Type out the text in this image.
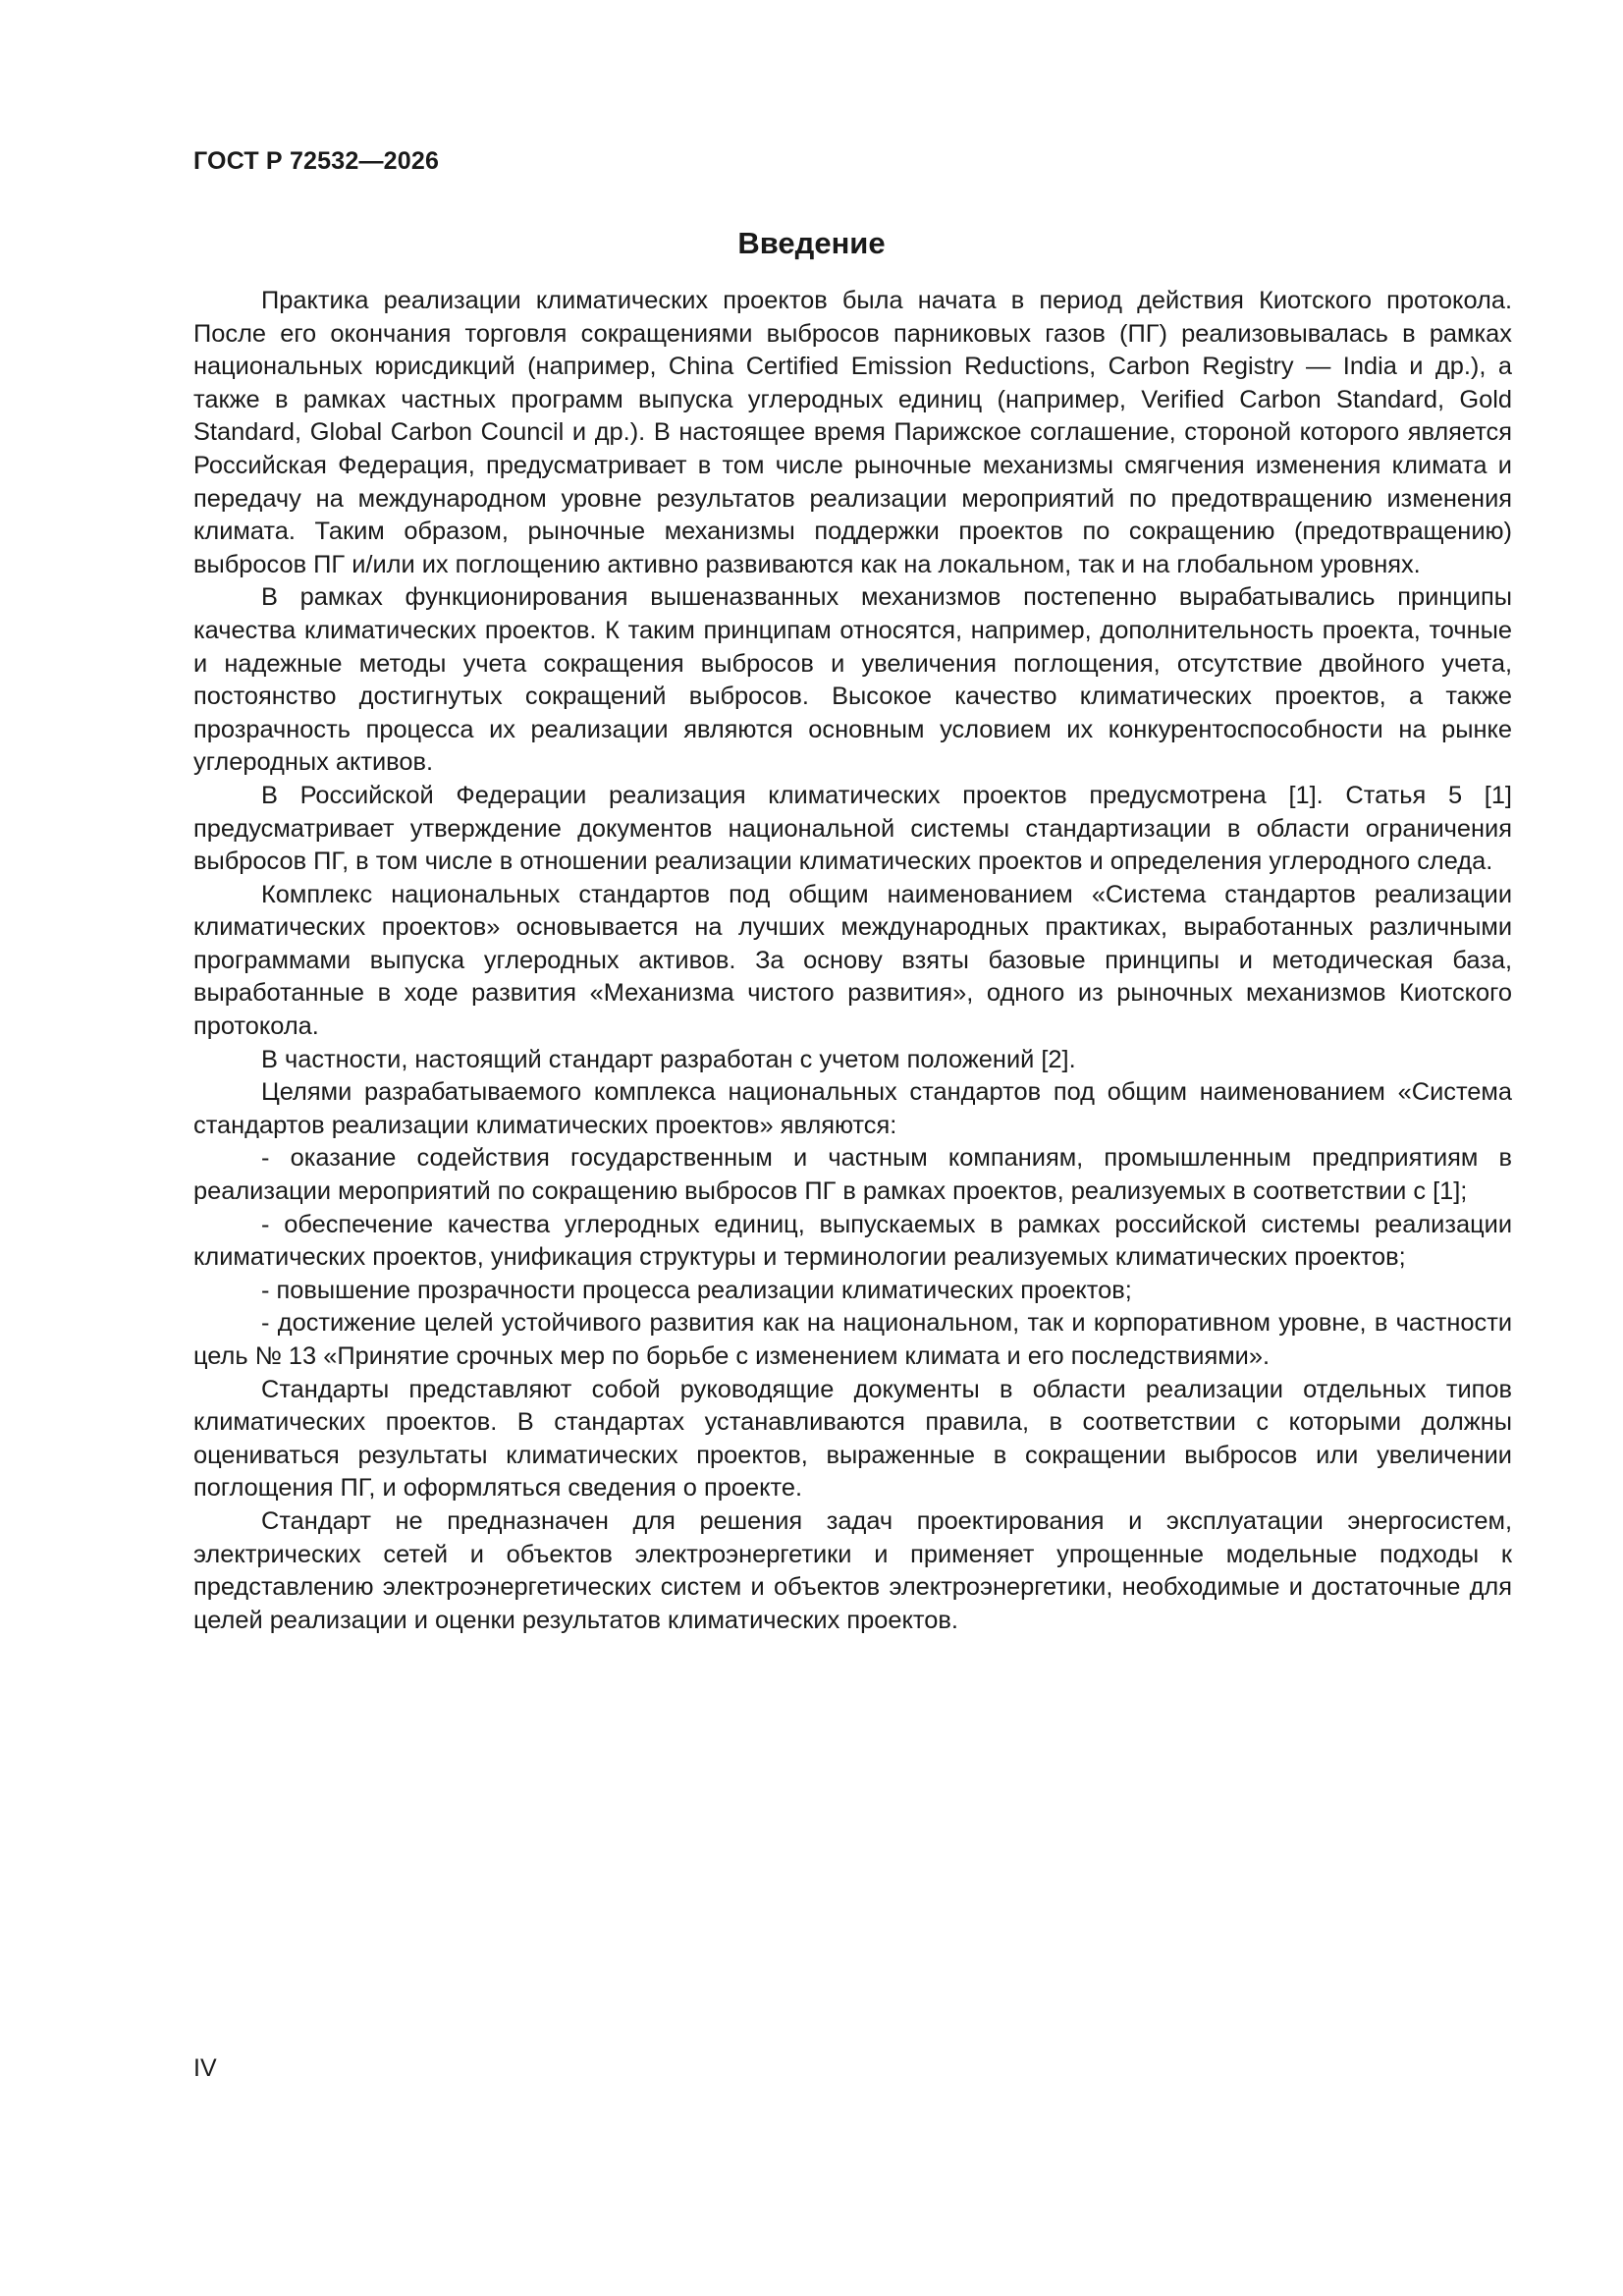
ГОСТ Р 72532—2026
Введение

Практика реализации климатических проектов была начата в период действия Киотского протокола. После его окончания торговля сокращениями выбросов парниковых газов (ПГ) реализовывалась в рамках национальных юрисдикций (например, China Certified Emission Reductions, Carbon Registry — India и др.), а также в рамках частных программ выпуска углеродных единиц (например, Verified Carbon Standard, Gold Standard, Global Carbon Council и др.). В настоящее время Парижское соглашение, стороной которого является Российская Федерация, предусматривает в том числе рыночные механизмы смягчения изменения климата и передачу на международном уровне результатов реализации мероприятий по предотвращению изменения климата. Таким образом, рыночные механизмы поддержки проектов по сокращению (предотвращению) выбросов ПГ и/или их поглощению активно развиваются как на локальном, так и на глобальном уровнях.

В рамках функционирования вышеназванных механизмов постепенно вырабатывались принципы качества климатических проектов. К таким принципам относятся, например, дополнительность проекта, точные и надежные методы учета сокращения выбросов и увеличения поглощения, отсутствие двойного учета, постоянство достигнутых сокращений выбросов. Высокое качество климатических проектов, а также прозрачность процесса их реализации являются основным условием их конкурентоспособности на рынке углеродных активов.

В Российской Федерации реализация климатических проектов предусмотрена [1]. Статья 5 [1] предусматривает утверждение документов национальной системы стандартизации в области ограничения выбросов ПГ, в том числе в отношении реализации климатических проектов и определения углеродного следа.

Комплекс национальных стандартов под общим наименованием «Система стандартов реализации климатических проектов» основывается на лучших международных практиках, выработанных различными программами выпуска углеродных активов. За основу взяты базовые принципы и методическая база, выработанные в ходе развития «Механизма чистого развития», одного из рыночных механизмов Киотского протокола.

В частности, настоящий стандарт разработан с учетом положений [2].

Целями разрабатываемого комплекса национальных стандартов под общим наименованием «Система стандартов реализации климатических проектов» являются:

- оказание содействия государственным и частным компаниям, промышленным предприятиям в реализации мероприятий по сокращению выбросов ПГ в рамках проектов, реализуемых в соответствии с [1];

- обеспечение качества углеродных единиц, выпускаемых в рамках российской системы реализации климатических проектов, унификация структуры и терминологии реализуемых климатических проектов;

- повышение прозрачности процесса реализации климатических проектов;

- достижение целей устойчивого развития как на национальном, так и корпоративном уровне, в частности цель № 13 «Принятие срочных мер по борьбе с изменением климата и его последствиями».

Стандарты представляют собой руководящие документы в области реализации отдельных типов климатических проектов. В стандартах устанавливаются правила, в соответствии с которыми должны оцениваться результаты климатических проектов, выраженные в сокращении выбросов или увеличении поглощения ПГ, и оформляться сведения о проекте.

Стандарт не предназначен для решения задач проектирования и эксплуатации энергосистем, электрических сетей и объектов электроэнергетики и применяет упрощенные модельные подходы к представлению электроэнергетических систем и объектов электроэнергетики, необходимые и достаточные для целей реализации и оценки результатов климатических проектов.

IV
